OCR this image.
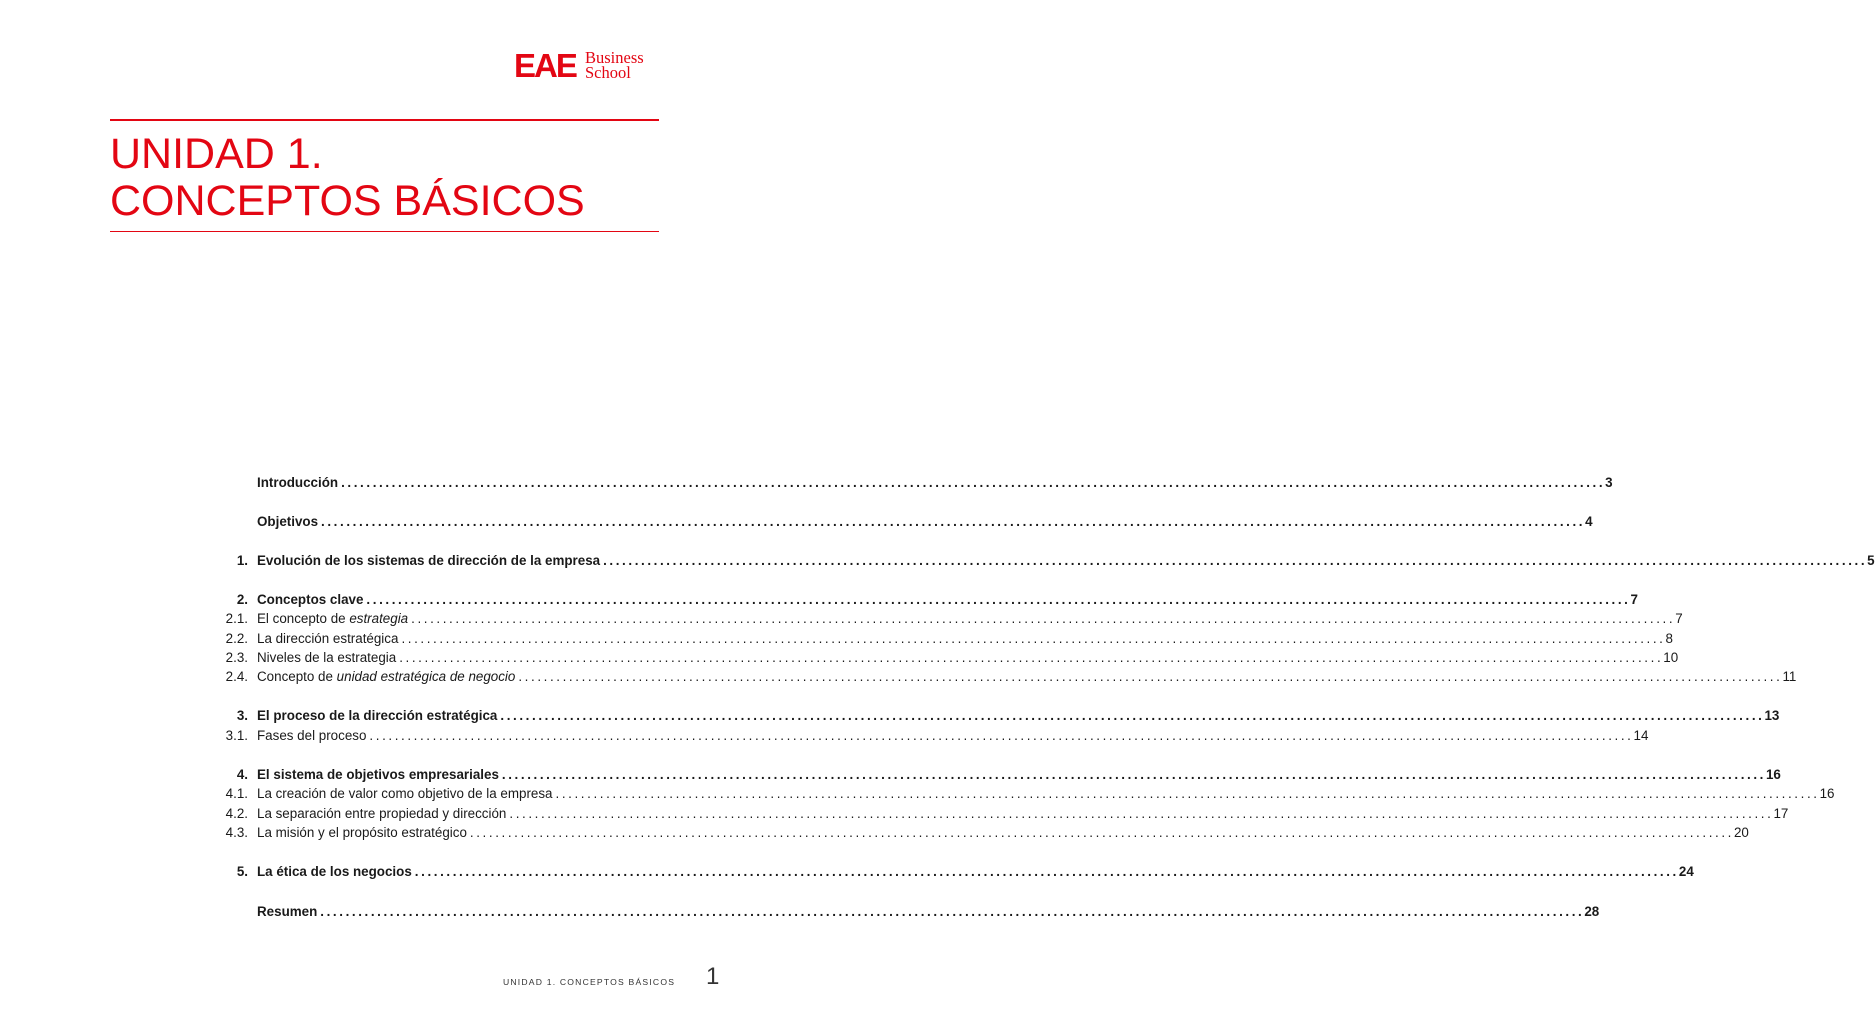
EAE Business
School
UNIDAD 1.
CONCEPTOS BÁSICOS
Introducción ........................................................................................................................................................................................................ 3
Objetivos ........................................................................................................................................................................................................ 4
1. Evolución de los sistemas de dirección de la empresa ........................................................................................................................................................................................................ 5
2. Conceptos clave ........................................................................................................................................................................................................ 7
2.1. El concepto de estrategia ........................................................................................................................................................................................................ 7
2.2. La dirección estratégica ........................................................................................................................................................................................................ 8
2.3. Niveles de la estrategia ........................................................................................................................................................................................................ 10
2.4. Concepto de unidad estratégica de negocio ........................................................................................................................................................................................................ 11
3. El proceso de la dirección estratégica ........................................................................................................................................................................................................ 13
3.1. Fases del proceso ........................................................................................................................................................................................................ 14
4. El sistema de objetivos empresariales ........................................................................................................................................................................................................ 16
4.1. La creación de valor como objetivo de la empresa ........................................................................................................................................................................................................ 16
4.2. La separación entre propiedad y dirección ........................................................................................................................................................................................................ 17
4.3. La misión y el propósito estratégico ........................................................................................................................................................................................................ 20
5. La ética de los negocios ........................................................................................................................................................................................................ 24
Resumen ........................................................................................................................................................................................................ 28
UNIDAD 1. CONCEPTOS BÁSICOS 1
